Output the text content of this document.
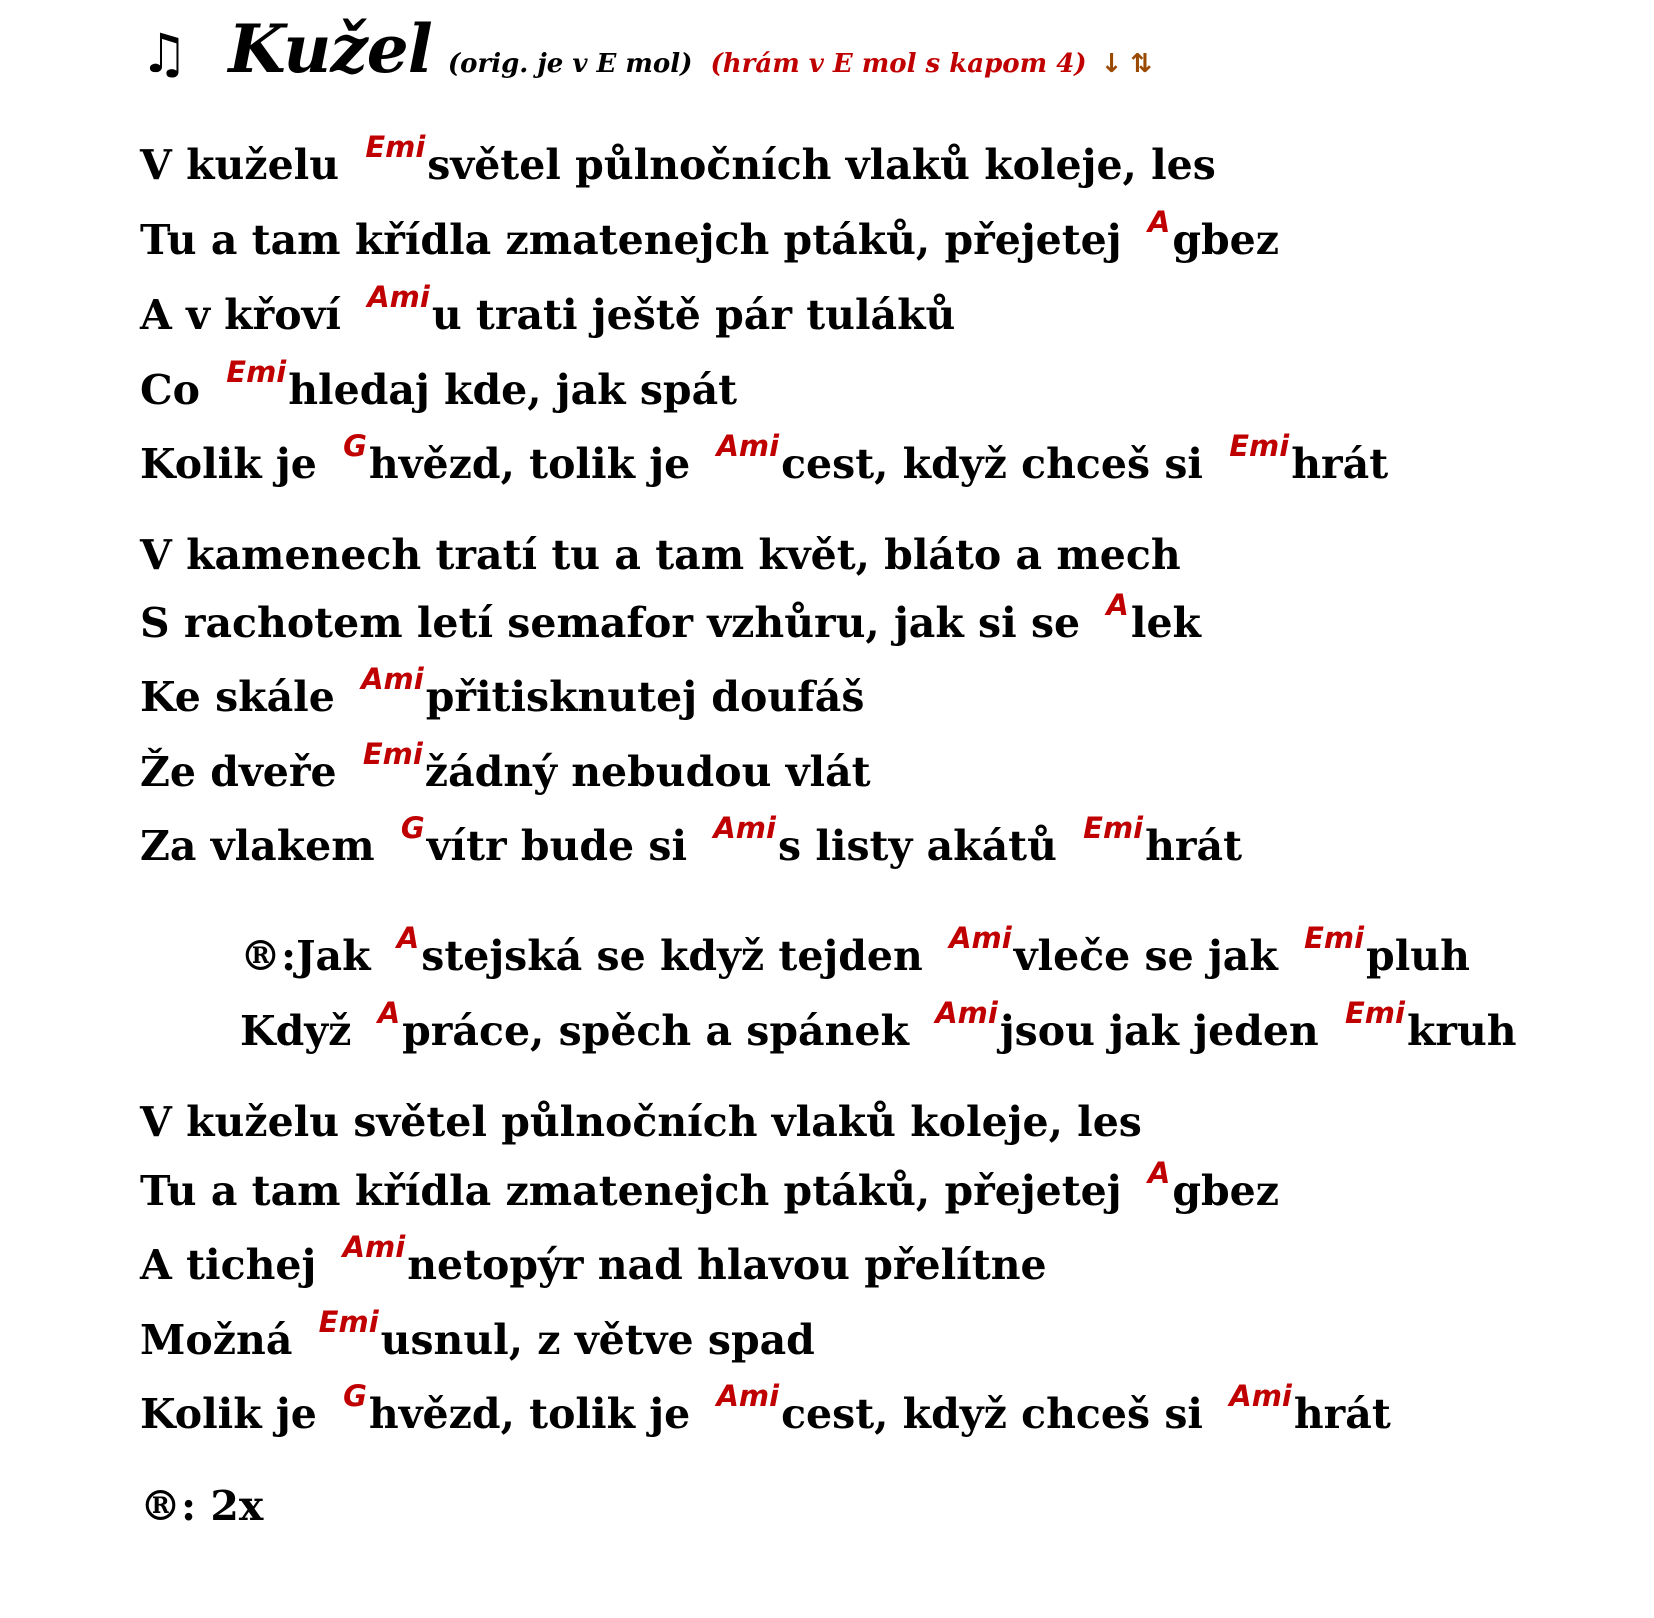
♫ Kužel (orig. je v E mol) (hrám v E mol s kapom 4) ↓ ⇅
V kuželu $^{Emi}$světel půlnočních vlaků koleje, les
Tu a tam křídla zmatenejch ptáků, přejetej $^A$gbez
A v křoví $^{Ami}$u trati ještě pár tuláků
Co $^{Emi}$hledaj kde, jak spát
Kolik je $^G$hvězd, tolik je $^{Ami}$cest, když chceš si $^{Emi}$hrát
V kamenech tratí tu a tam květ, bláto a mech
S rachotem letí semafor vzhůru, jak si se $^A$lek
Ke skále $^{Ami}$přitisknutej doufáš
Že dveře $^{Emi}$žádný nebudou vlát
Za vlakem $^G$vítr bude si $^{Ami}$s listy akátů $^{Emi}$hrát
®:Jak $^A$stejská se když tejden $^{Ami}$vleče se jak $^{Emi}$pluh
Když $^A$práce, spěch a spánek $^{Ami}$jsou jak jeden $^{Emi}$kruh
V kuželu světel půlnočních vlaků koleje, les
Tu a tam křídla zmatenejch ptáků, přejetej $^A$gbez
A tichej $^{Ami}$netopýr nad hlavou přelítne
Možná $^{Emi}$usnul, z větve spad
Kolik je $^G$hvězd, tolik je $^{Ami}$cest, když chceš si $^{Ami}$hrát
®: 2x
